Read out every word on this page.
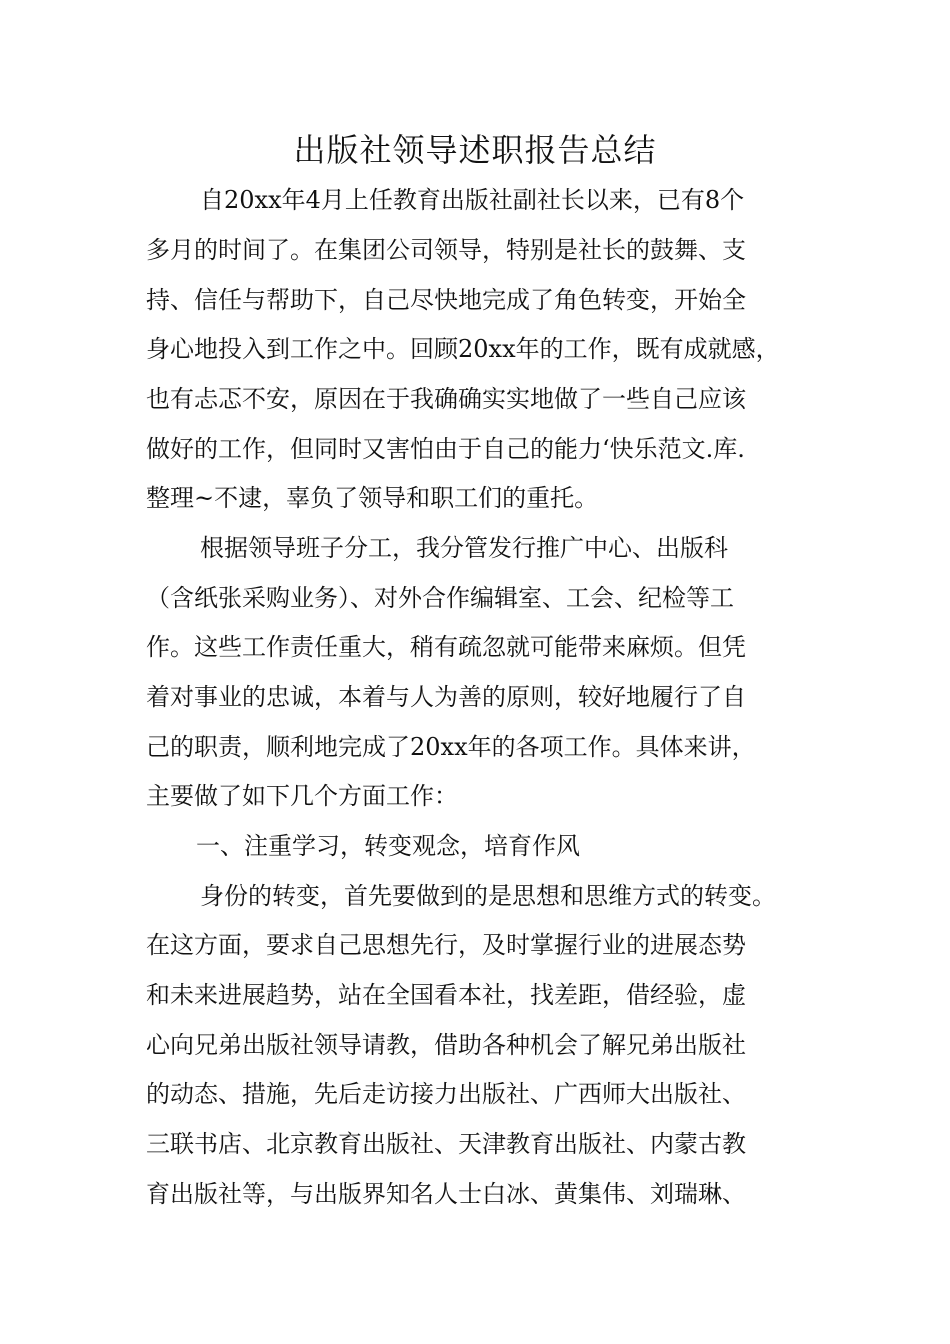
出版社领导述职报告总结
自20xx年4月上任教育出版社副社长以来，已有8个
多月的时间了。在集团公司领导，特别是社长的鼓舞、支
持、信任与帮助下，自己尽快地完成了角色转变，开始全
身心地投入到工作之中。回顾20xx年的工作，既有成就感，
也有忐忑不安，原因在于我确确实实地做了一些自己应该
做好的工作，但同时又害怕由于自己的能力‘快乐范文.库.
整理~不逮，辜负了领导和职工们的重托。
根据领导班子分工，我分管发行推广中心、出版科
（含纸张采购业务）、对外合作编辑室、工会、纪检等工
作。这些工作责任重大，稍有疏忽就可能带来麻烦。但凭
着对事业的忠诚，本着与人为善的原则，较好地履行了自
己的职责，顺利地完成了20xx年的各项工作。具体来讲，
主要做了如下几个方面工作：
一、注重学习，转变观念，培育作风
身份的转变，首先要做到的是思想和思维方式的转变。
在这方面，要求自己思想先行，及时掌握行业的进展态势
和未来进展趋势，站在全国看本社，找差距，借经验，虚
心向兄弟出版社领导请教，借助各种机会了解兄弟出版社
的动态、措施，先后走访接力出版社、广西师大出版社、
三联书店、北京教育出版社、天津教育出版社、内蒙古教
育出版社等，与出版界知名人士白冰、黄集伟、刘瑞琳、
